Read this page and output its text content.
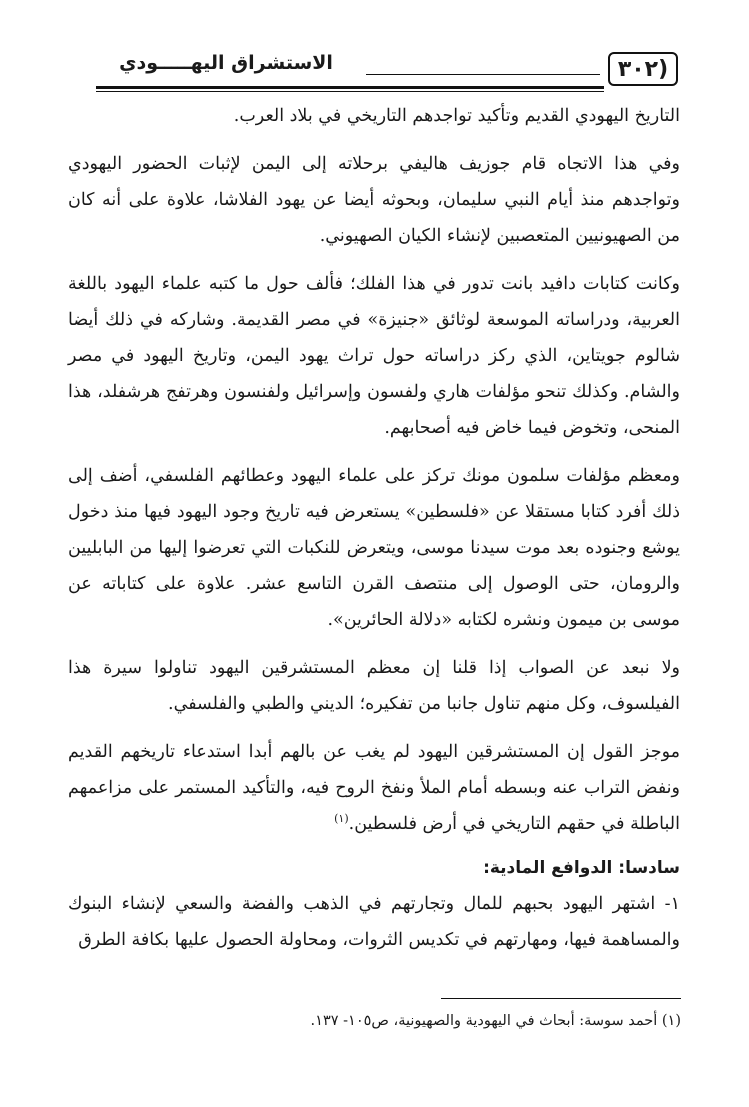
(٣٠٢
الاستشراق اليهـــــودي

التاريخ اليهودي القديم وتأكيد تواجدهم التاريخي في بلاد العرب.

وفي هذا الاتجاه قام جوزيف هاليفي برحلاته إلى اليمن لإثبات الحضور اليهودي وتواجدهم منذ أيام النبي سليمان، وبحوثه أيضا عن يهود الفلاشا، علاوة على أنه كان من الصهيونيين المتعصبين لإنشاء الكيان الصهيوني.

وكانت كتابات دافيد بانت تدور في هذا الفلك؛ فألف حول ما كتبه علماء اليهود باللغة العربية، ودراساته الموسعة لوثائق «جنيزة» في مصر القديمة. وشاركه في ذلك أيضا شالوم جويتاين، الذي ركز دراساته حول تراث يهود اليمن، وتاريخ اليهود في مصر والشام. وكذلك تنحو مؤلفات هاري ولفسون وإسرائيل ولفنسون وهرتفج هرشفلد، هذا المنحى، وتخوض فيما خاض فيه أصحابهم.

ومعظم مؤلفات سلمون مونك تركز على علماء اليهود وعطائهم الفلسفي، أضف إلى ذلك أفرد كتابا مستقلا عن «فلسطين» يستعرض فيه تاريخ وجود اليهود فيها منذ دخول يوشع وجنوده بعد موت سيدنا موسى، ويتعرض للنكبات التي تعرضوا إليها من البابليين والرومان، حتى الوصول إلى منتصف القرن التاسع عشر. علاوة على كتاباته عن موسى بن ميمون ونشره لكتابه «دلالة الحائرين».

ولا نبعد عن الصواب إذا قلنا إن معظم المستشرقين اليهود تناولوا سيرة هذا الفيلسوف، وكل منهم تناول جانبا من تفكيره؛ الديني والطبي والفلسفي.

موجز القول إن المستشرقين اليهود لم يغب عن بالهم أبدا استدعاء تاريخهم القديم ونفض التراب عنه وبسطه أمام الملأ ونفخ الروح فيه، والتأكيد المستمر على مزاعمهم الباطلة في حقهم التاريخي في أرض فلسطين.$^{(١)}$

سادسا: الدوافع المادية:

١- اشتهر اليهود بحبهم للمال وتجارتهم في الذهب والفضة والسعي لإنشاء البنوك والمساهمة فيها، ومهارتهم في تكديس الثروات، ومحاولة الحصول عليها بكافة الطرق

(١) أحمد سوسة: أبحاث في اليهودية والصهيونية، ص١٠٥- ١٣٧.
